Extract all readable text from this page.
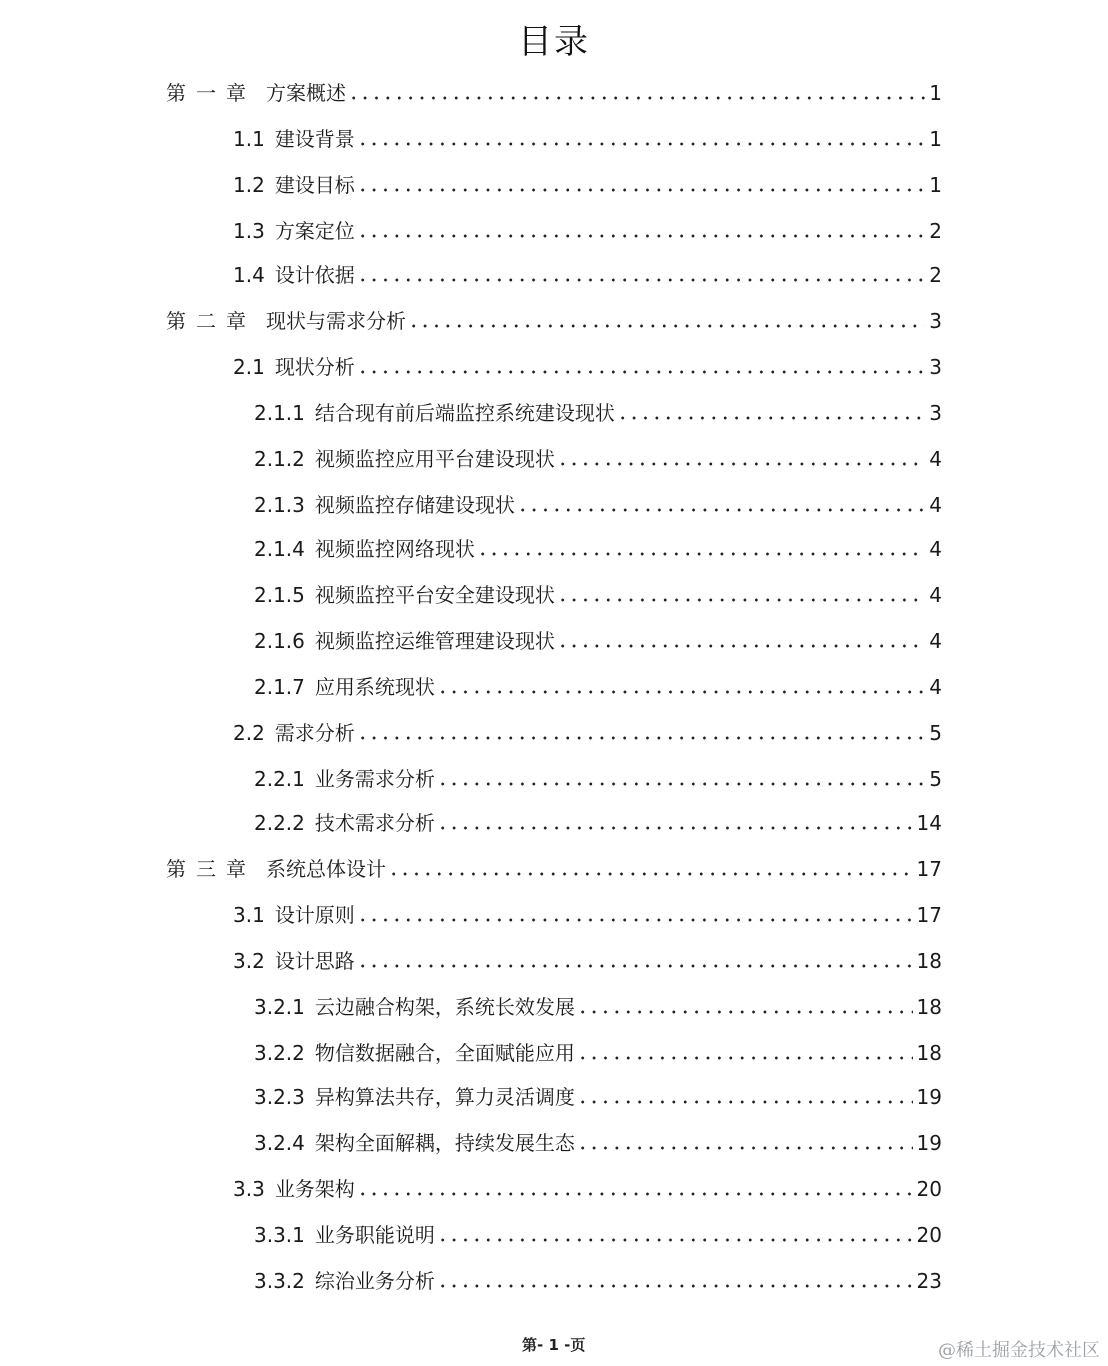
目录
第一章 方案概述	1
1.1 建设背景	1
1.2 建设目标	1
1.3 方案定位	2
1.4 设计依据	2
第二章 现状与需求分析	3
2.1 现状分析	3
2.1.1 结合现有前后端监控系统建设现状	3
2.1.2 视频监控应用平台建设现状	4
2.1.3 视频监控存储建设现状	4
2.1.4 视频监控网络现状	4
2.1.5 视频监控平台安全建设现状	4
2.1.6 视频监控运维管理建设现状	4
2.1.7 应用系统现状	4
2.2 需求分析	5
2.2.1 业务需求分析	5
2.2.2 技术需求分析	14
第三章 系统总体设计	17
3.1 设计原则	17
3.2 设计思路	18
3.2.1 云边融合构架，系统长效发展	18
3.2.2 物信数据融合，全面赋能应用	18
3.2.3 异构算法共存，算力灵活调度	19
3.2.4 架构全面解耦，持续发展生态	19
3.3 业务架构	20
3.3.1 业务职能说明	20
3.3.2 综治业务分析	23
第- 1 -页	@稀土掘金技术社区
